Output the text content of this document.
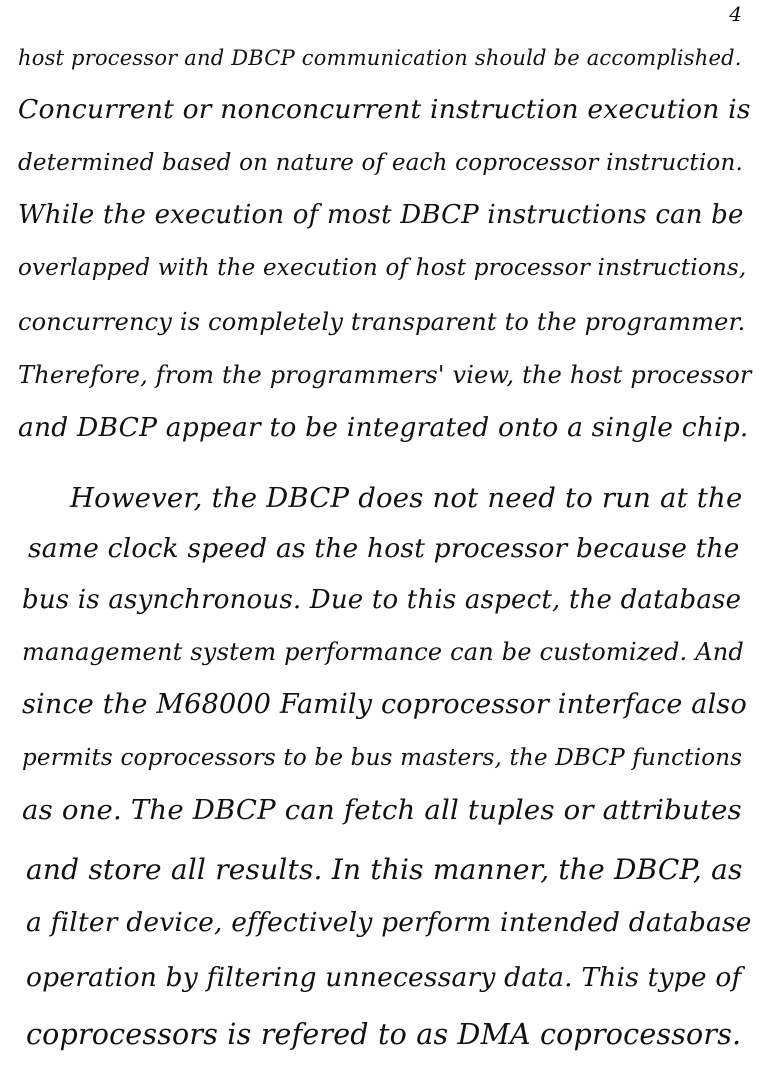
4
host processor and DBCP communication should be accomplished.
Concurrent or nonconcurrent instruction execution is
determined based on nature of each coprocessor instruction.
While the execution of most DBCP instructions can be
overlapped with the execution of host processor instructions,
concurrency is completely transparent to the programmer.
Therefore, from the programmers' view, the host processor
and DBCP appear to be integrated onto a single chip.
However, the DBCP does not need to run at the
same clock speed as the host processor because the
bus is asynchronous. Due to this aspect, the database
management system performance can be customized. And
since the M68000 Family coprocessor interface also
permits coprocessors to be bus masters, the DBCP functions
as one. The DBCP can fetch all tuples or attributes
and store all results. In this manner, the DBCP, as
a filter device, effectively perform intended database
operation by filtering unnecessary data. This type of
coprocessors is refered to as DMA coprocessors.
